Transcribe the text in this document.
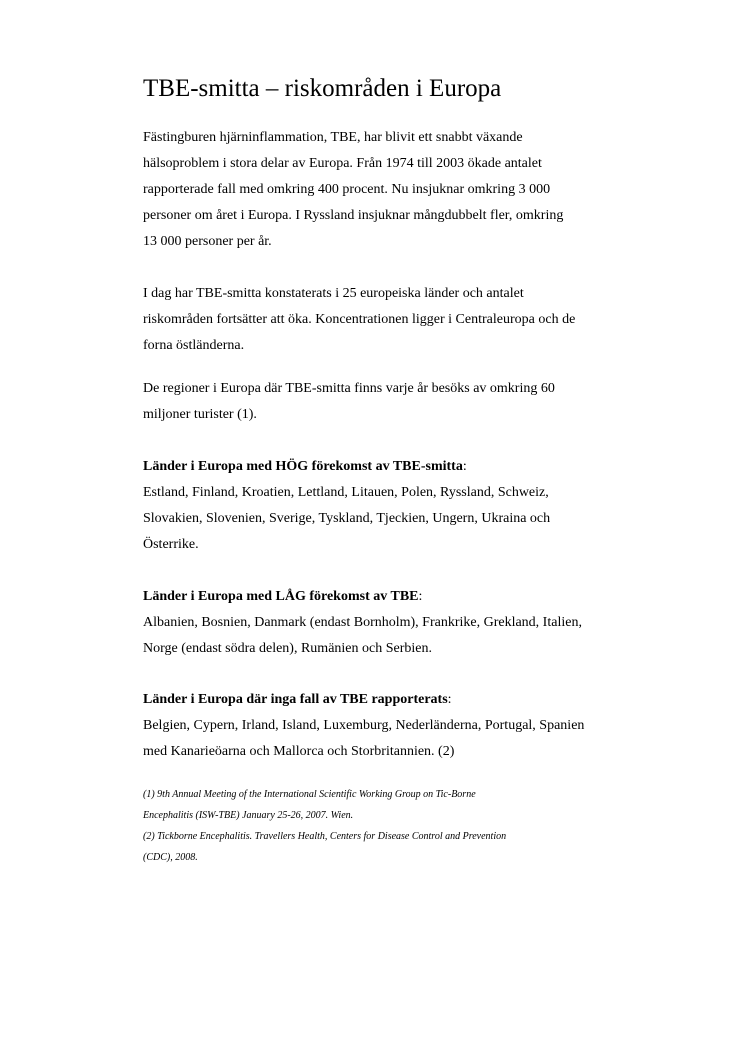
TBE-smitta – riskområden i Europa
Fästingburen hjärninflammation, TBE, har blivit ett snabbt växande
hälsoproblem i stora delar av Europa. Från 1974 till 2003 ökade antalet
rapporterade fall med omkring 400 procent. Nu insjuknar omkring 3 000
personer om året i Europa. I Ryssland insjuknar mångdubbelt fler, omkring
13 000 personer per år.
I dag har TBE-smitta konstaterats i 25 europeiska länder och antalet
riskområden fortsätter att öka. Koncentrationen ligger i Centraleuropa och de
forna östländerna.
De regioner i Europa där TBE-smitta finns varje år besöks av omkring 60
miljoner turister (1).
Länder i Europa med HÖG förekomst av TBE-smitta:
Estland, Finland, Kroatien, Lettland, Litauen, Polen, Ryssland, Schweiz,
Slovakien, Slovenien, Sverige, Tyskland, Tjeckien, Ungern, Ukraina och
Österrike.
Länder i Europa med LÅG förekomst av TBE:
Albanien, Bosnien, Danmark (endast Bornholm), Frankrike, Grekland, Italien,
Norge (endast södra delen), Rumänien och Serbien.
Länder i Europa där inga fall av TBE rapporterats:
Belgien, Cypern, Irland, Island, Luxemburg, Nederländerna, Portugal, Spanien
med Kanarieöarna och Mallorca och Storbritannien. (2)
(1) 9th Annual Meeting of the International Scientific Working Group on Tic-Borne
Encephalitis (ISW-TBE) January 25-26, 2007. Wien.
(2) Tickborne Encephalitis. Travellers Health, Centers for Disease Control and Prevention
(CDC), 2008.
